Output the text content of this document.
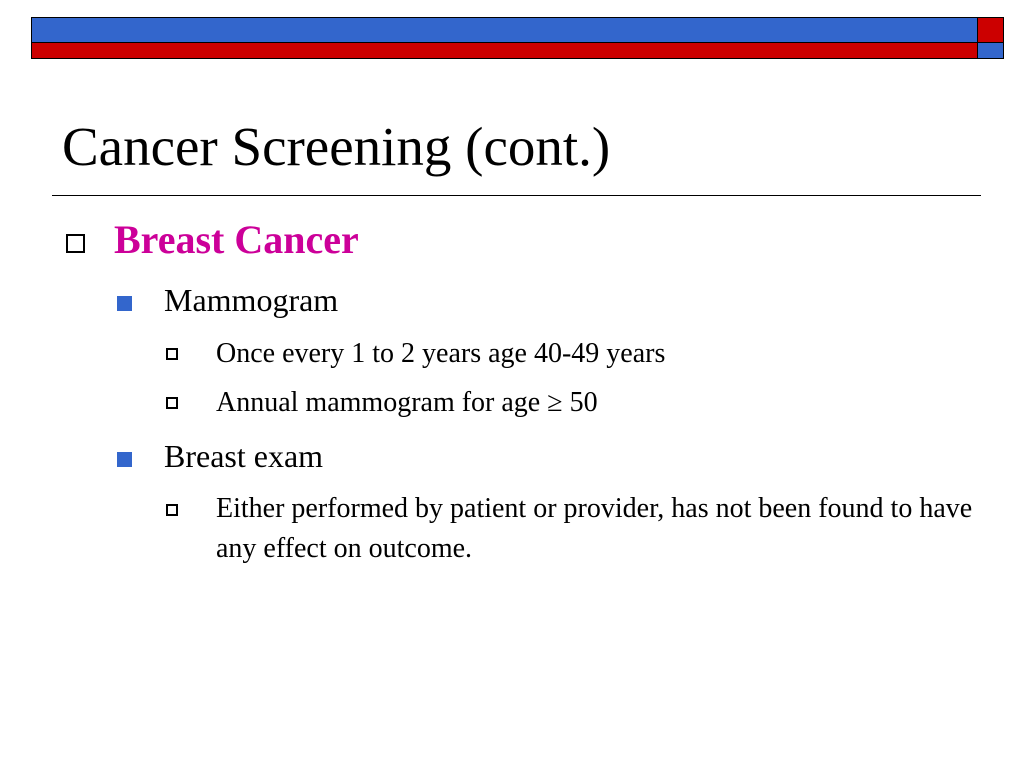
Cancer Screening (cont.)
Breast Cancer
Mammogram
Once every 1 to 2 years age 40-49 years
Annual mammogram for age ≥ 50
Breast exam
Either performed by patient or provider, has not been found to have any effect on outcome.
